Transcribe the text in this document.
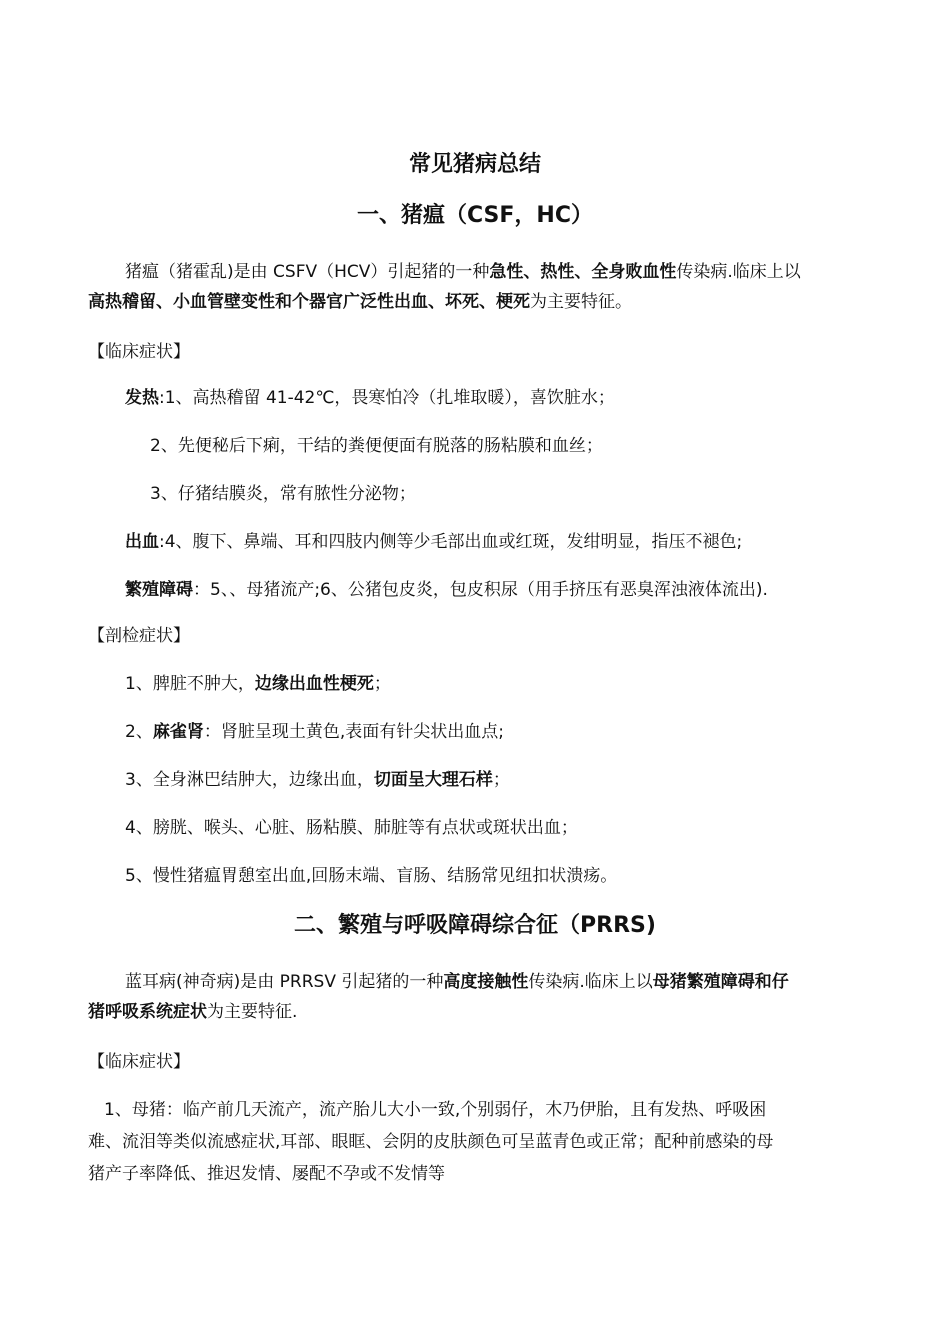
常见猪病总结
一、猪瘟（CSF，HC）
猪瘟（猪霍乱)是由 CSFV（HCV）引起猪的一种急性、热性、全身败血性传染病.临床上以
高热稽留、小血管壁变性和个器官广泛性出血、坏死、梗死为主要特征。
【临床症状】
发热:1、高热稽留 41-42℃，畏寒怕冷（扎堆取暖），喜饮脏水；
2、先便秘后下痢，干结的粪便便面有脱落的肠粘膜和血丝；
3、仔猪结膜炎，常有脓性分泌物；
出血:4、腹下、鼻端、耳和四肢内侧等少毛部出血或红斑，发绀明显，指压不褪色;
繁殖障碍：5、、母猪流产;6、公猪包皮炎，包皮积尿（用手挤压有恶臭浑浊液体流出).
【剖检症状】
1、脾脏不肿大，边缘出血性梗死；
2、麻雀肾：肾脏呈现土黄色,表面有针尖状出血点;
3、全身淋巴结肿大，边缘出血，切面呈大理石样；
4、膀胱、喉头、心脏、肠粘膜、肺脏等有点状或斑状出血；
5、慢性猪瘟胃憩室出血,回肠末端、盲肠、结肠常见纽扣状溃疡。
二、繁殖与呼吸障碍综合征（PRRS)
蓝耳病(神奇病)是由 PRRSV 引起猪的一种高度接触性传染病.临床上以母猪繁殖障碍和仔
猪呼吸系统症状为主要特征.
【临床症状】
1、母猪：临产前几天流产，流产胎儿大小一致,个别弱仔，木乃伊胎，且有发热、呼吸困
难、流泪等类似流感症状,耳部、眼眶、会阴的皮肤颜色可呈蓝青色或正常；配种前感染的母
猪产子率降低、推迟发情、屡配不孕或不发情等
